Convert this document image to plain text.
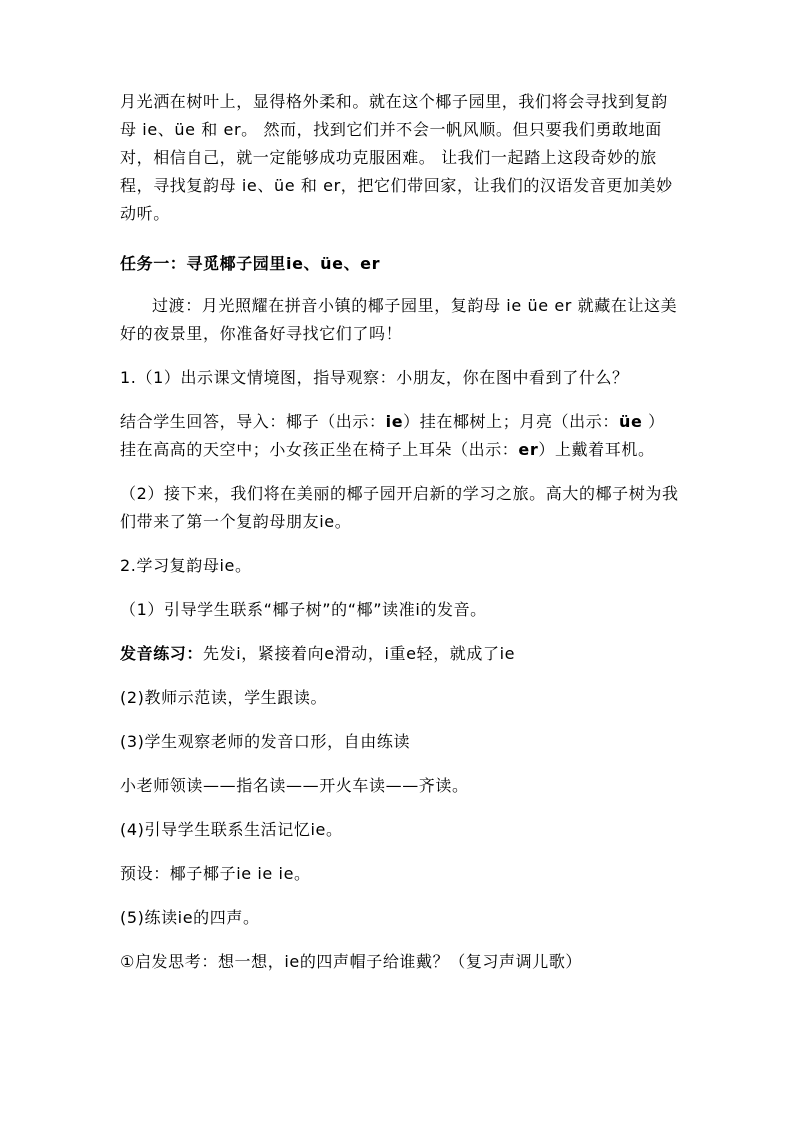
月光洒在树叶上，显得格外柔和。就在这个椰子园里，我们将会寻找到复韵母 ie、üe 和 er。 然而，找到它们并不会一帆风顺。但只要我们勇敢地面对，相信自己，就一定能够成功克服困难。 让我们一起踏上这段奇妙的旅程，寻找复韵母 ie、üe 和 er，把它们带回家，让我们的汉语发音更加美妙动听。

任务一：寻觅椰子园里ie、üe、er

过渡：月光照耀在拼音小镇的椰子园里，复韵母 ie üe er 就藏在让这美好的夜景里，你准备好寻找它们了吗！

1.（1）出示课文情境图，指导观察：小朋友，你在图中看到了什么？

结合学生回答，导入：椰子（出示：ie）挂在椰树上；月亮（出示：üe ）挂在高高的天空中；小女孩正坐在椅子上耳朵（出示：er）上戴着耳机。

（2）接下来，我们将在美丽的椰子园开启新的学习之旅。高大的椰子树为我们带来了第一个复韵母朋友ie。

2.学习复韵母ie。

（1）引导学生联系“椰子树”的“椰”读准i的发音。

发音练习：先发i，紧接着向e滑动，i重e轻，就成了ie

(2)教师示范读，学生跟读。

(3)学生观察老师的发音口形，自由练读

小老师领读——指名读——开火车读——齐读。

(4)引导学生联系生活记忆ie。

预设：椰子椰子ie ie ie。

(5)练读ie的四声。

①启发思考：想一想，ie的四声帽子给谁戴？（复习声调儿歌）
